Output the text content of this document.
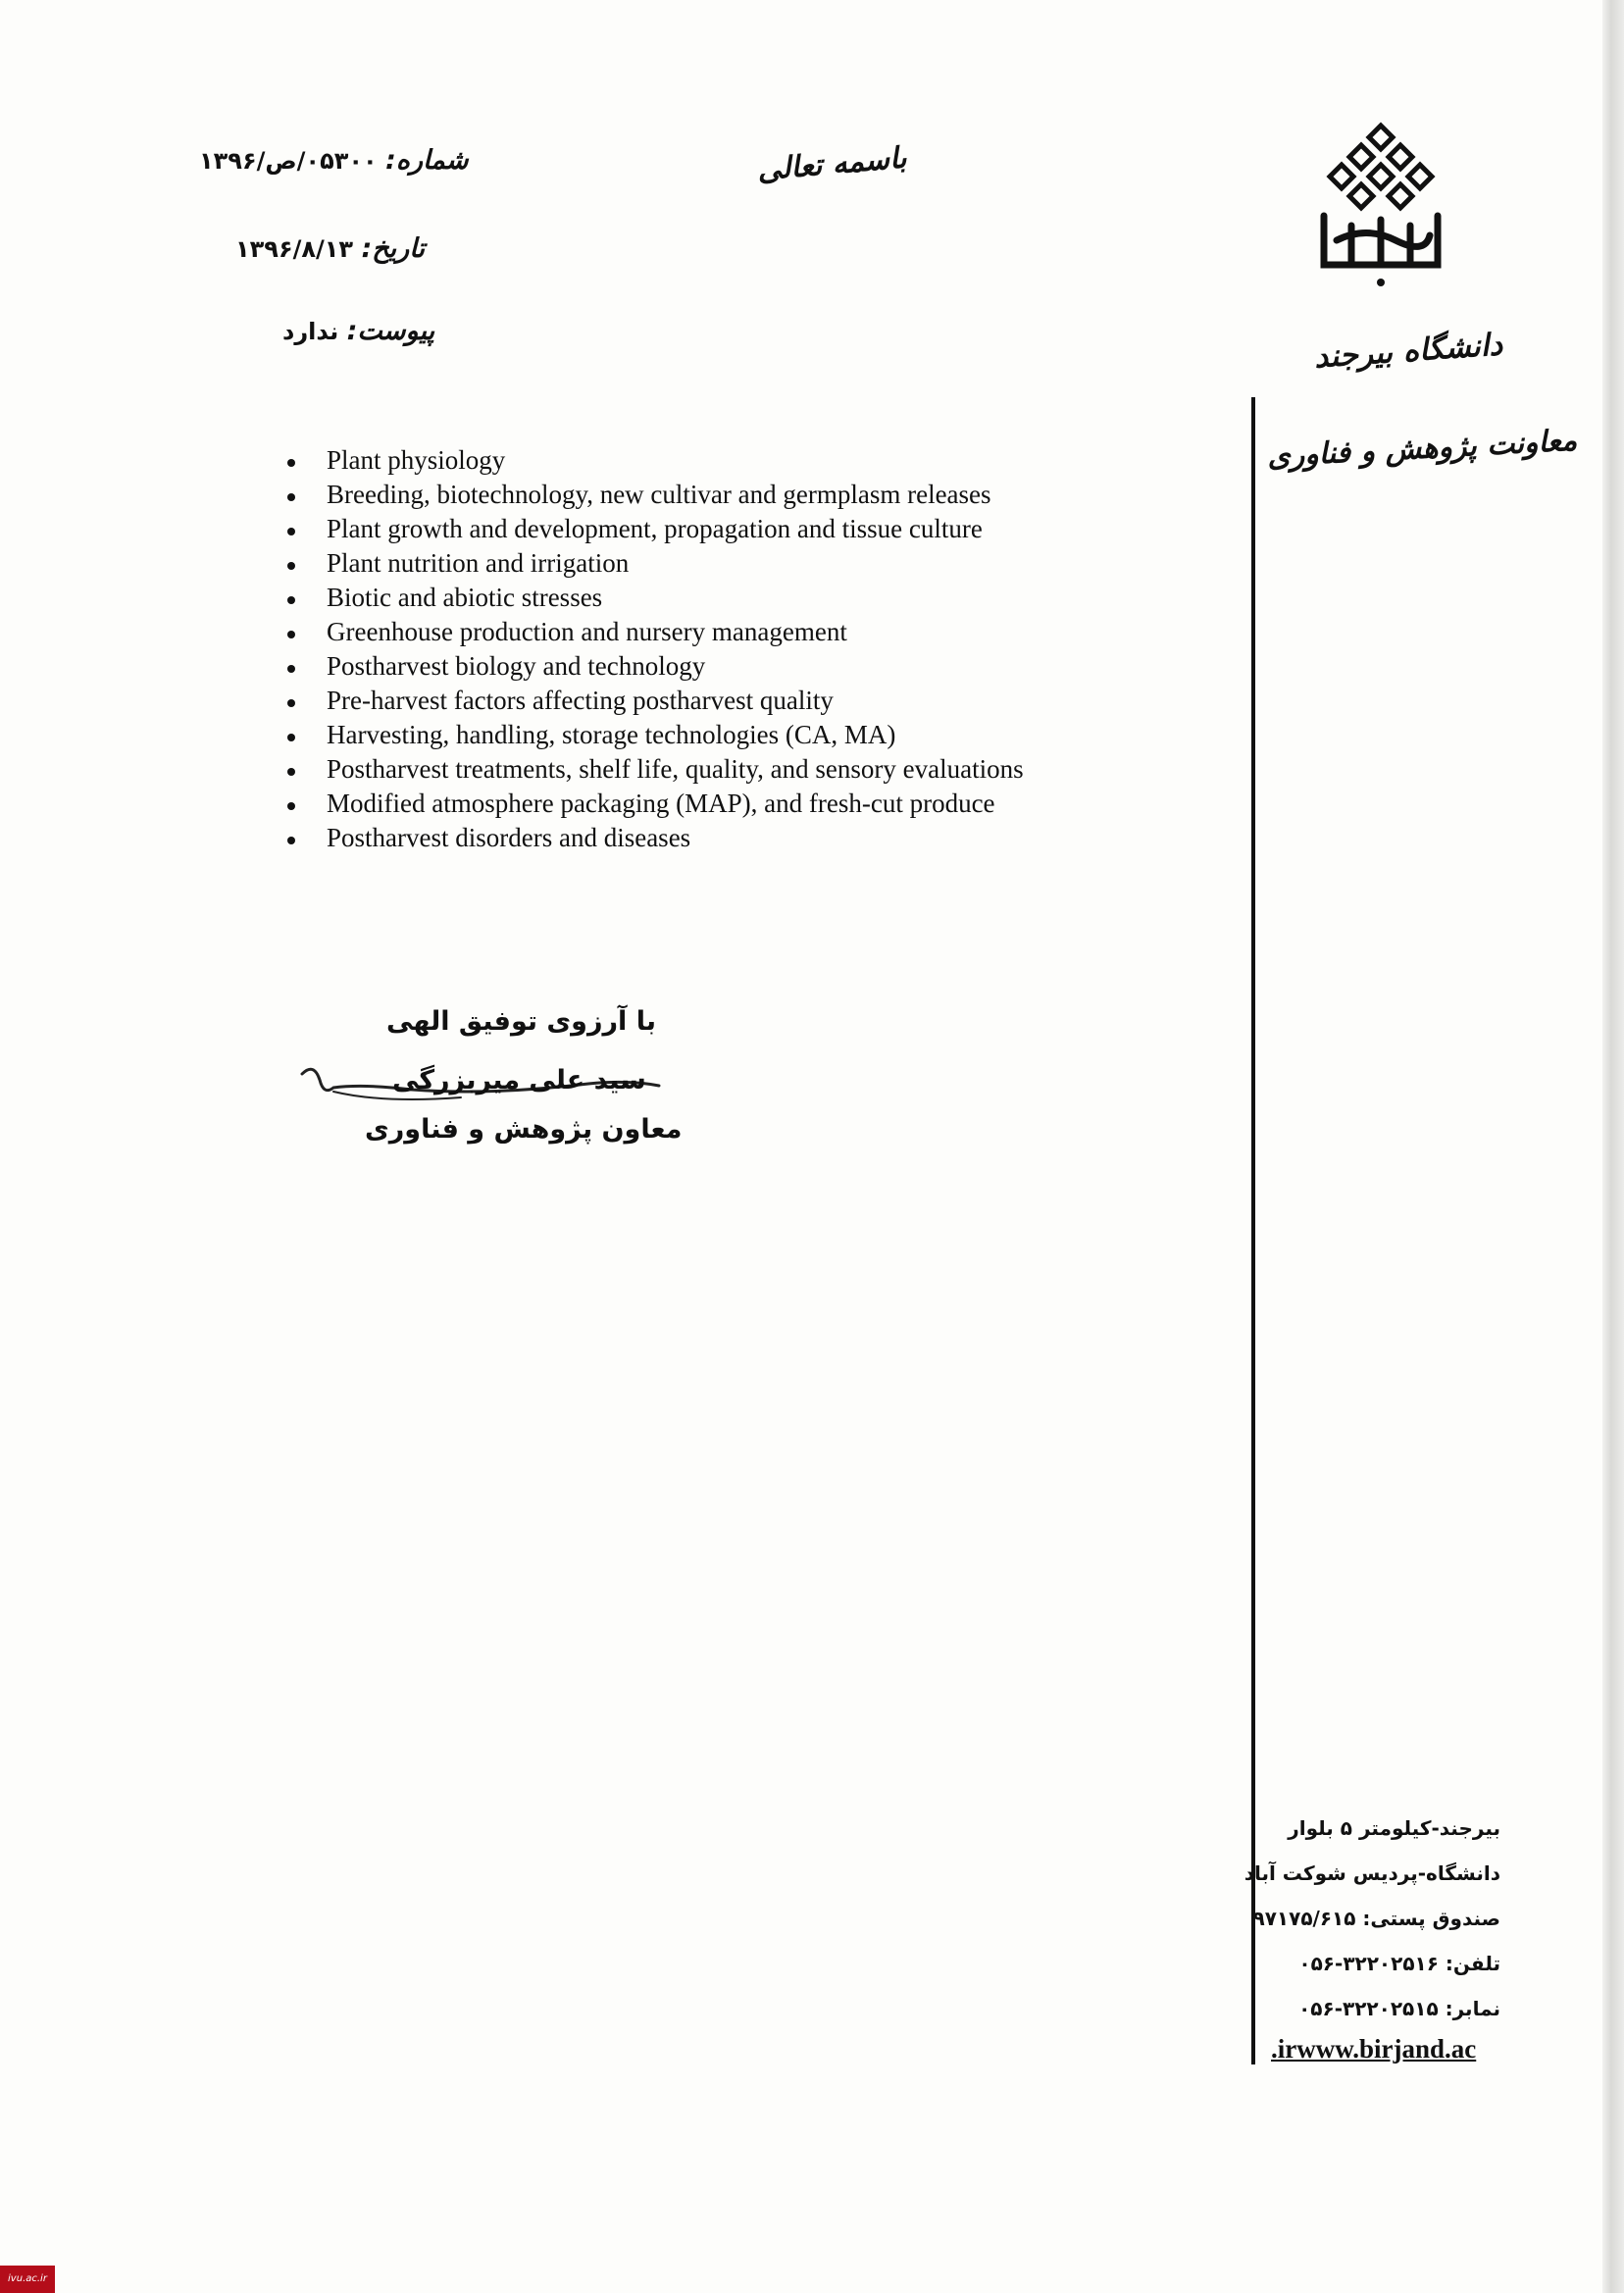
شماره: ۰۵۳۰۰/ص/۱۳۹۶
تاریخ: ۱۳۹۶/۸/۱۳
پیوست: ندارد
باسمه تعالی
دانشگاه بیرجند
معاونت پژوهش و فناوری
Plant physiology
Breeding, biotechnology, new cultivar and germplasm releases
Plant growth and development, propagation and tissue culture
Plant nutrition and irrigation
Biotic and abiotic stresses
Greenhouse production and nursery management
Postharvest biology and technology
Pre-harvest factors affecting postharvest quality
Harvesting, handling, storage technologies (CA, MA)
Postharvest treatments, shelf life, quality, and sensory evaluations
Modified atmosphere packaging (MAP), and fresh-cut produce
Postharvest disorders and diseases
با آرزوی توفیق الهی
سید علی میربزرگی
معاون پژوهش و فناوری
بیرجند-کیلومتر ۵ بلوار
دانشگاه-پردیس شوکت آباد
صندوق پستی: ۹۷۱۷۵/۶۱۵
تلفن: ۳۲۲۰۲۵۱۶-۰۵۶
نمابر: ۳۲۲۰۲۵۱۵-۰۵۶
.irwww.birjand.ac
ivu.ac.ir
